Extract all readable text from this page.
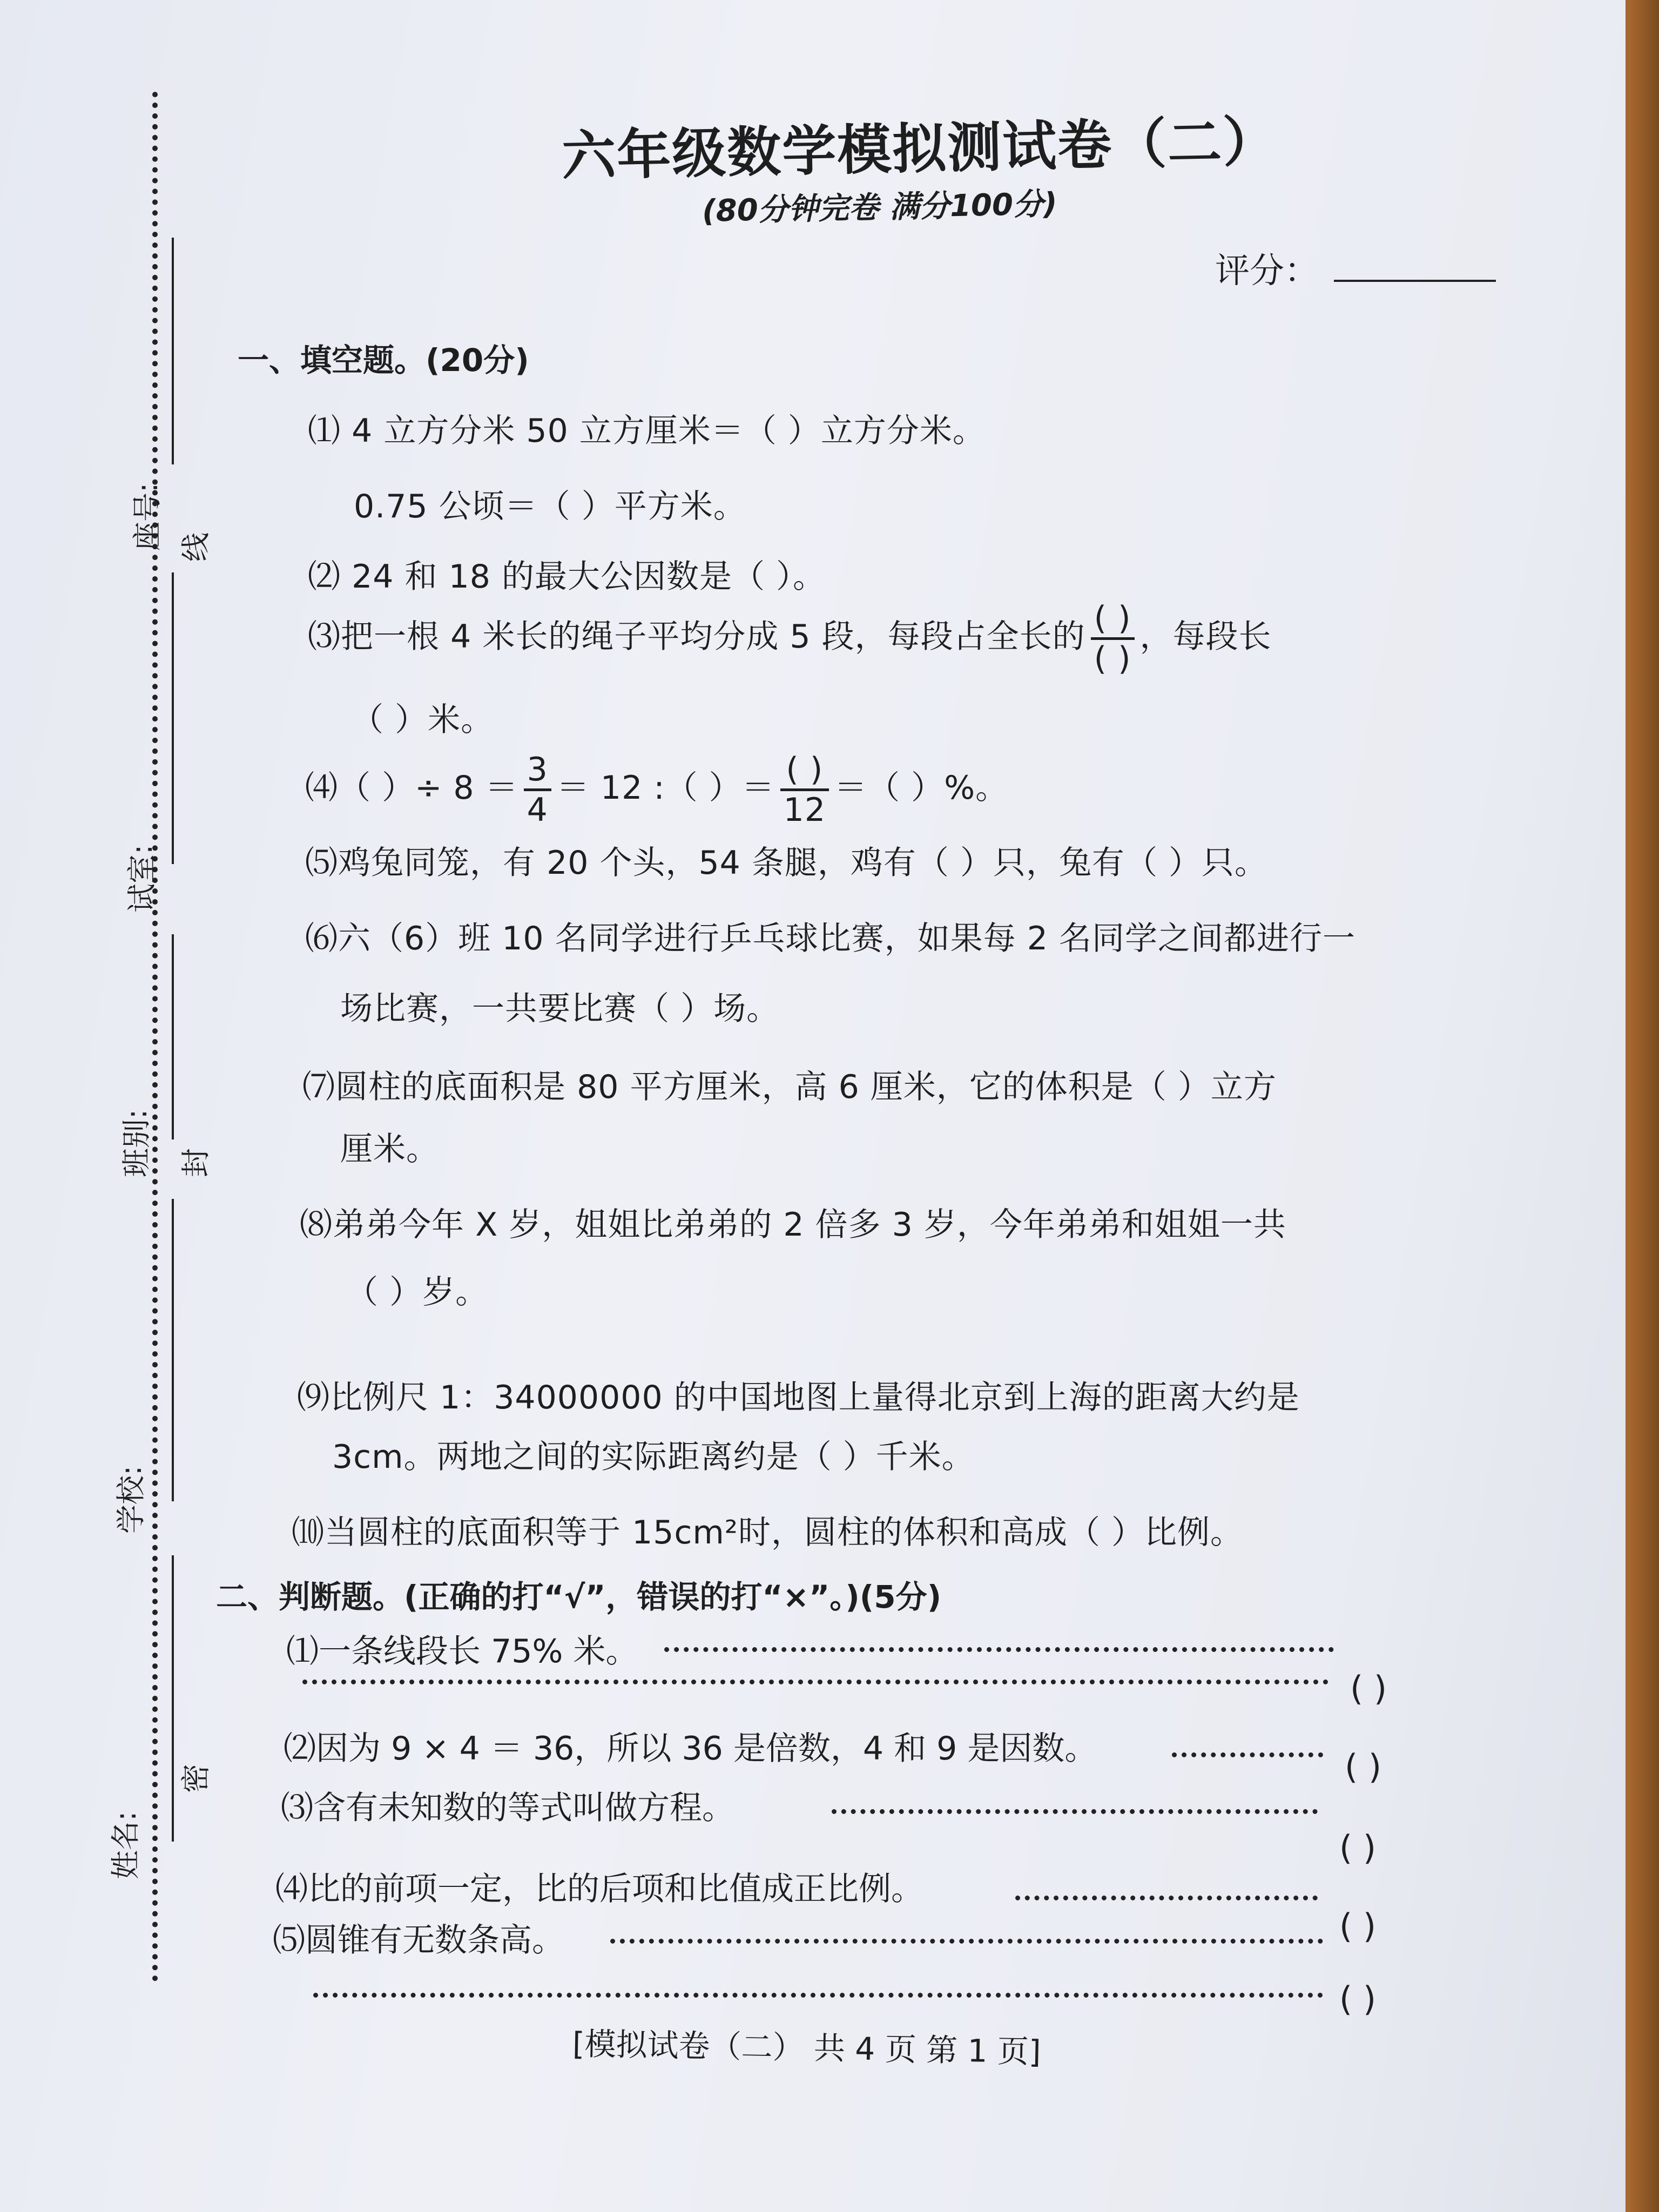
姓名:
学校:
班别:
试室:
座号:
密
封
线
六年级数学模拟测试卷（二）
(80分钟完卷 满分100分)
评分：
一、填空题。(20分)
⑴ 4 立方分米 50 立方厘米＝（ ）立方分米。
0.75 公顷＝（ ）平方米。
⑵ 24 和 18 的最大公因数是（ ）。
⑶把一根 4 米长的绳子平均分成 5 段，每段占全长的 $\frac{( )}{( )}$ ，每段长
（ ）米。
⑷（ ）÷ $8 = \frac{3}{4} = 12$ :（ ）＝ $\frac{( )}{12}$ ＝（ ）%。
⑸鸡兔同笼，有 20 个头，54 条腿，鸡有（ ）只，兔有（ ）只。
⑹六（6）班 10 名同学进行乒乓球比赛，如果每 2 名同学之间都进行一
场比赛，一共要比赛（ ）场。
⑺圆柱的底面积是 80 平方厘米，高 6 厘米，它的体积是（ ）立方
厘米。
⑻弟弟今年 X 岁，姐姐比弟弟的 2 倍多 3 岁，今年弟弟和姐姐一共
（ ）岁。
⑼比例尺 1：34000000 的中国地图上量得北京到上海的距离大约是
3cm。两地之间的实际距离约是（ ）千米。
⑽当圆柱的底面积等于 15cm²时，圆柱的体积和高成（ ）比例。
二、判断题。(正确的打“√”，错误的打“×”。)(5分)
⑴一条线段长 75% 米。
( )
⑵因为 9 × 4 ＝ 36，所以 36 是倍数，4 和 9 是因数。	( )
⑶含有未知数的等式叫做方程。
( )
⑷比的前项一定，比的后项和比值成正比例。
( )
⑸圆锥有无数条高。
( )
[模拟试卷（二） 共 4 页 第 1 页]
